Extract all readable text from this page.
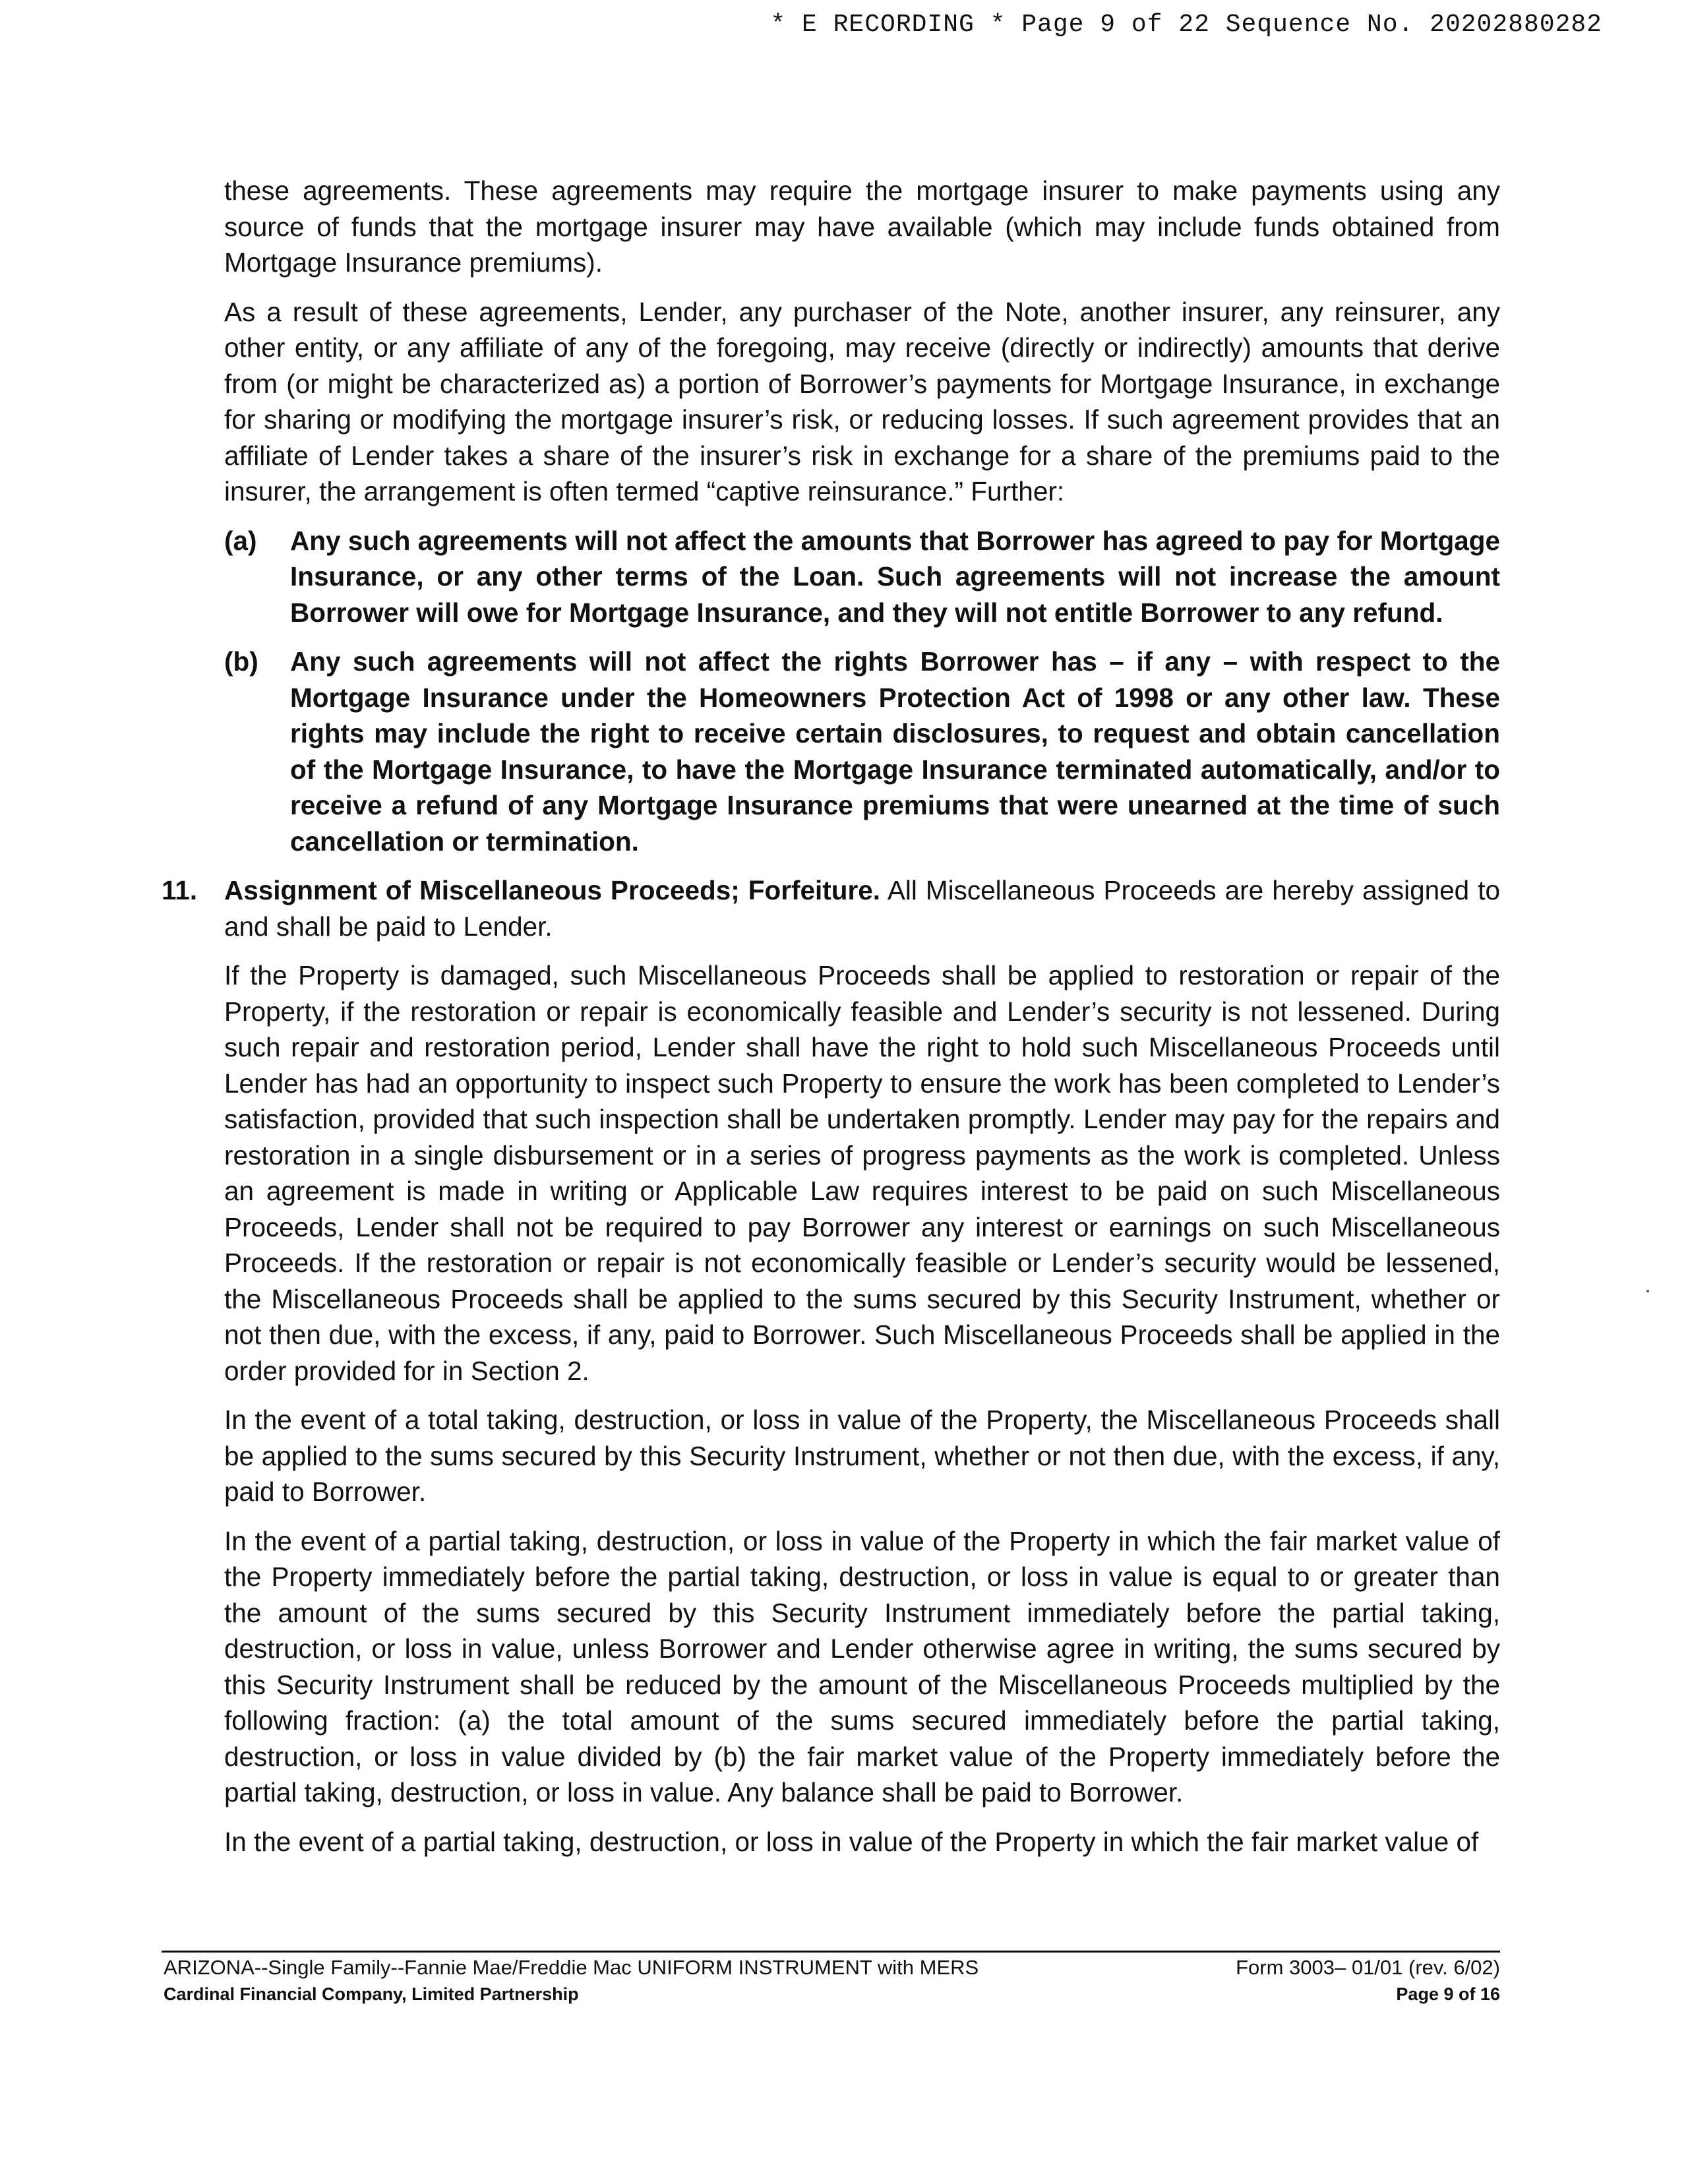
* E RECORDING * Page 9 of 22 Sequence No. 20202880282

these agreements. These agreements may require the mortgage insurer to make payments using any source of funds that the mortgage insurer may have available (which may include funds obtained from Mortgage Insurance premiums).

As a result of these agreements, Lender, any purchaser of the Note, another insurer, any reinsurer, any other entity, or any affiliate of any of the foregoing, may receive (directly or indirectly) amounts that derive from (or might be characterized as) a portion of Borrower’s payments for Mortgage Insurance, in exchange for sharing or modifying the mortgage insurer’s risk, or reducing losses. If such agreement provides that an affiliate of Lender takes a share of the insurer’s risk in exchange for a share of the premiums paid to the insurer, the arrangement is often termed “captive reinsurance.” Further:

(a)	Any such agreements will not affect the amounts that Borrower has agreed to pay for Mortgage Insurance, or any other terms of the Loan. Such agreements will not increase the amount Borrower will owe for Mortgage Insurance, and they will not entitle Borrower to any refund.
(b)	Any such agreements will not affect the rights Borrower has – if any – with respect to the Mortgage Insurance under the Homeowners Protection Act of 1998 or any other law. These rights may include the right to receive certain disclosures, to request and obtain cancellation of the Mortgage Insurance, to have the Mortgage Insurance terminated automatically, and/or to receive a refund of any Mortgage Insurance premiums that were unearned at the time of such cancellation or termination.
11.	Assignment of Miscellaneous Proceeds; Forfeiture. All Miscellaneous Proceeds are hereby assigned to and shall be paid to Lender.

If the Property is damaged, such Miscellaneous Proceeds shall be applied to restoration or repair of the Property, if the restoration or repair is economically feasible and Lender’s security is not lessened. During such repair and restoration period, Lender shall have the right to hold such Miscellaneous Proceeds until Lender has had an opportunity to inspect such Property to ensure the work has been completed to Lender’s satisfaction, provided that such inspection shall be undertaken promptly. Lender may pay for the repairs and restoration in a single disbursement or in a series of progress payments as the work is completed. Unless an agreement is made in writing or Applicable Law requires interest to be paid on such Miscellaneous Proceeds, Lender shall not be required to pay Borrower any interest or earnings on such Miscellaneous Proceeds. If the restoration or repair is not economically feasible or Lender’s security would be lessened, the Miscellaneous Proceeds shall be applied to the sums secured by this Security Instrument, whether or not then due, with the excess, if any, paid to Borrower. Such Miscellaneous Proceeds shall be applied in the order provided for in Section 2.

In the event of a total taking, destruction, or loss in value of the Property, the Miscellaneous Proceeds shall be applied to the sums secured by this Security Instrument, whether or not then due, with the excess, if any, paid to Borrower.

In the event of a partial taking, destruction, or loss in value of the Property in which the fair market value of the Property immediately before the partial taking, destruction, or loss in value is equal to or greater than the amount of the sums secured by this Security Instrument immediately before the partial taking, destruction, or loss in value, unless Borrower and Lender otherwise agree in writing, the sums secured by this Security Instrument shall be reduced by the amount of the Miscellaneous Proceeds multiplied by the following fraction: (a) the total amount of the sums secured immediately before the partial taking, destruction, or loss in value divided by (b) the fair market value of the Property immediately before the partial taking, destruction, or loss in value. Any balance shall be paid to Borrower.

In the event of a partial taking, destruction, or loss in value of the Property in which the fair market value of

ARIZONA--Single Family--Fannie Mae/Freddie Mac UNIFORM INSTRUMENT with MERS
Cardinal Financial Company, Limited Partnership
Form 3003– 01/01 (rev. 6/02)
Page 9 of 16
